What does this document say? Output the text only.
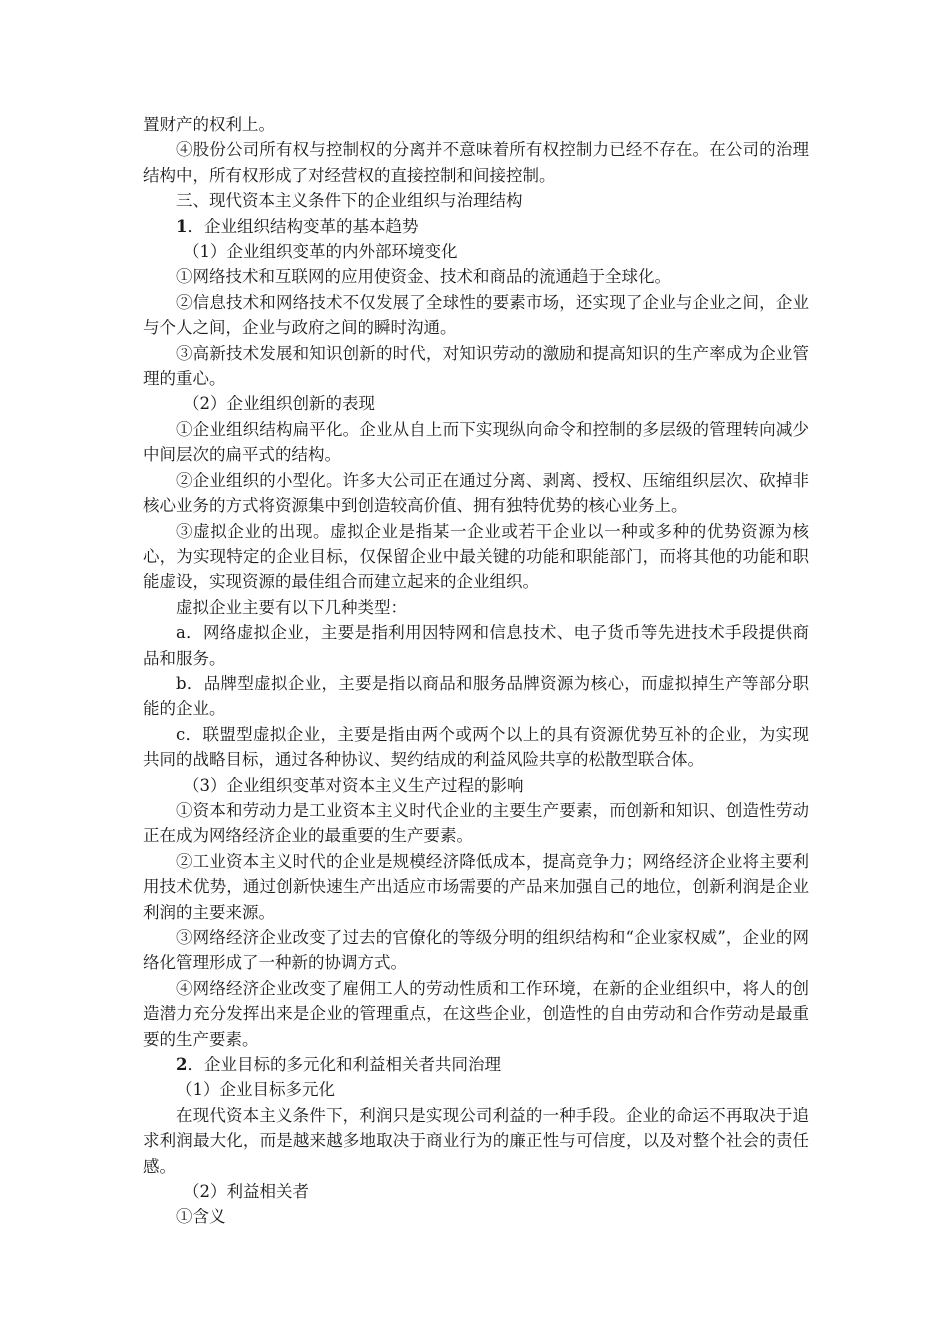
置财产的权利上。

④股份公司所有权与控制权的分离并不意味着所有权控制力已经不存在。在公司的治理结构中，所有权形成了对经营权的直接控制和间接控制。

三、现代资本主义条件下的企业组织与治理结构

1．企业组织结构变革的基本趋势

（1）企业组织变革的内外部环境变化

①网络技术和互联网的应用使资金、技术和商品的流通趋于全球化。

②信息技术和网络技术不仅发展了全球性的要素市场，还实现了企业与企业之间，企业与个人之间，企业与政府之间的瞬时沟通。

③高新技术发展和知识创新的时代，对知识劳动的激励和提高知识的生产率成为企业管理的重心。

（2）企业组织创新的表现

①企业组织结构扁平化。企业从自上而下实现纵向命令和控制的多层级的管理转向减少中间层次的扁平式的结构。

②企业组织的小型化。许多大公司正在通过分离、剥离、授权、压缩组织层次、砍掉非核心业务的方式将资源集中到创造较高价值、拥有独特优势的核心业务上。

③虚拟企业的出现。虚拟企业是指某一企业或若干企业以一种或多种的优势资源为核心，为实现特定的企业目标，仅保留企业中最关键的功能和职能部门，而将其他的功能和职能虚设，实现资源的最佳组合而建立起来的企业组织。

虚拟企业主要有以下几种类型：

a．网络虚拟企业，主要是指利用因特网和信息技术、电子货币等先进技术手段提供商品和服务。

b．品牌型虚拟企业，主要是指以商品和服务品牌资源为核心，而虚拟掉生产等部分职能的企业。

c．联盟型虚拟企业，主要是指由两个或两个以上的具有资源优势互补的企业，为实现共同的战略目标，通过各种协议、契约结成的利益风险共享的松散型联合体。

（3）企业组织变革对资本主义生产过程的影响

①资本和劳动力是工业资本主义时代企业的主要生产要素，而创新和知识、创造性劳动正在成为网络经济企业的最重要的生产要素。

②工业资本主义时代的企业是规模经济降低成本，提高竞争力；网络经济企业将主要利用技术优势，通过创新快速生产出适应市场需要的产品来加强自己的地位，创新利润是企业利润的主要来源。

③网络经济企业改变了过去的官僚化的等级分明的组织结构和“企业家权威”，企业的网络化管理形成了一种新的协调方式。

④网络经济企业改变了雇佣工人的劳动性质和工作环境，在新的企业组织中，将人的创造潜力充分发挥出来是企业的管理重点，在这些企业，创造性的自由劳动和合作劳动是最重要的生产要素。

2．企业目标的多元化和利益相关者共同治理

（1）企业目标多元化

在现代资本主义条件下，利润只是实现公司利益的一种手段。企业的命运不再取决于追求利润最大化，而是越来越多地取决于商业行为的廉正性与可信度，以及对整个社会的责任感。

（2）利益相关者

①含义
